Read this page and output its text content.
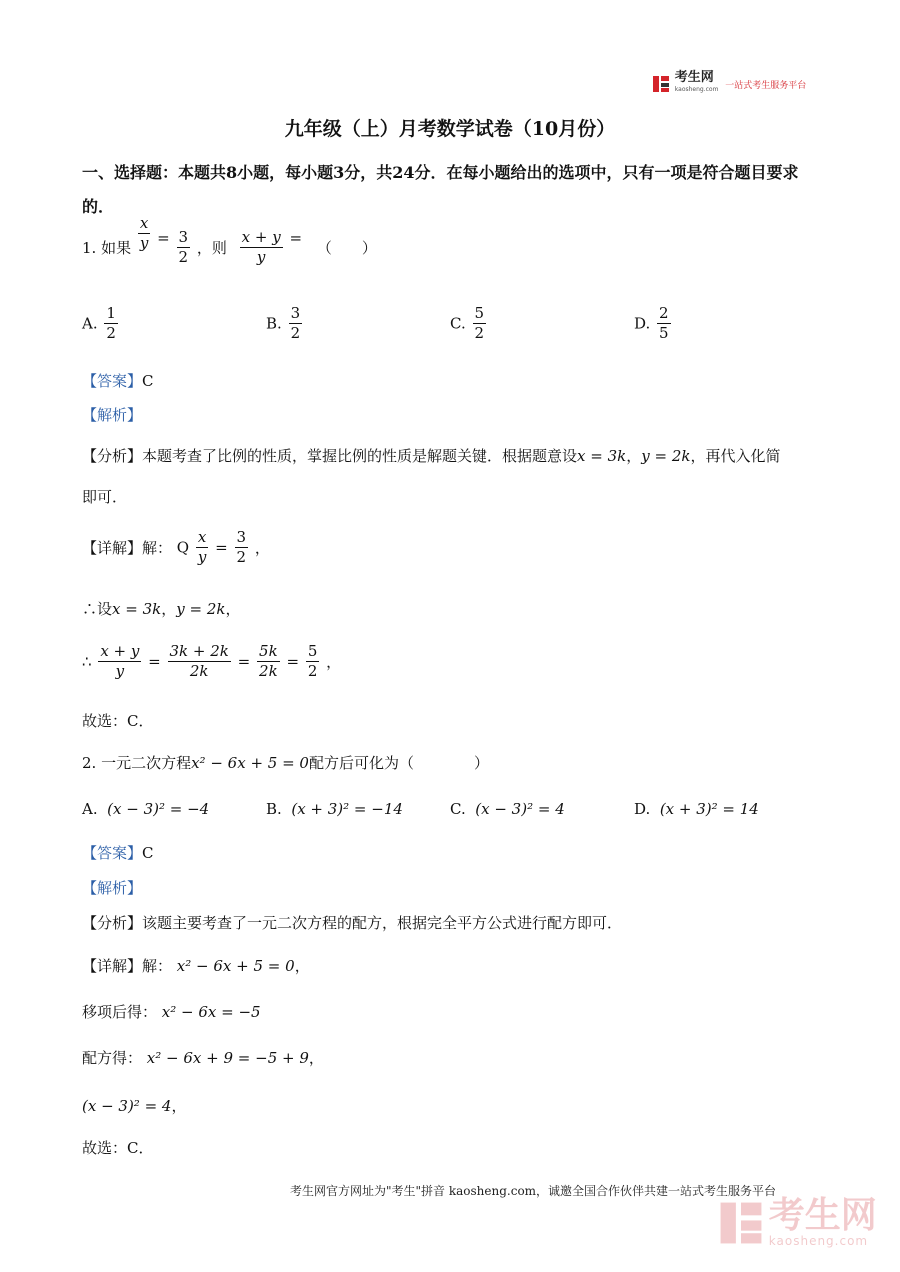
考生网
kaosheng.com 一站式考生服务平台
九年级（上）月考数学试卷（10月份）
一、选择题：本题共8小题，每小题3分，共24分．在每小题给出的选项中，只有一项是符合题目要求的．
1. 如果 $\frac{x}{y} = \frac{3}{2}$ ，则 $\frac{x + y}{y}$ = （　　）
A. $\frac{1}{2}$	B. $\frac{3}{2}$	C. $\frac{5}{2}$	D. $\frac{2}{5}$
【答案】C
【解析】
【分析】本题考查了比例的性质，掌握比例的性质是解题关键．根据题意设x = 3k，y = 2k，再代入化简
即可．
【详解】解： Q $\frac{x}{y} = \frac{3}{2}$ ，
∴设x = 3k，y = 2k，
∴ $\frac{x + y}{y} = \frac{3k + 2k}{2k} = \frac{5k}{2k} = \frac{5}{2}$ ，
故选：C．
2. 一元二次方程x² − 6x + 5 = 0配方后可化为（　　　　）
A. (x − 3)² = −4	B. (x + 3)² = −14	C. (x − 3)² = 4	D. (x + 3)² = 14
【答案】C
【解析】
【分析】该题主要考查了一元二次方程的配方，根据完全平方公式进行配方即可．
【详解】解： x² − 6x + 5 = 0，
移项后得： x² − 6x = −5
配方得： x² − 6x + 9 = −5 + 9，
(x − 3)² = 4，
故选：C．
考生网官方网址为"考生"拼音 kaosheng.com，诚邀全国合作伙伴共建一站式考生服务平台
考生网
kaosheng.com
